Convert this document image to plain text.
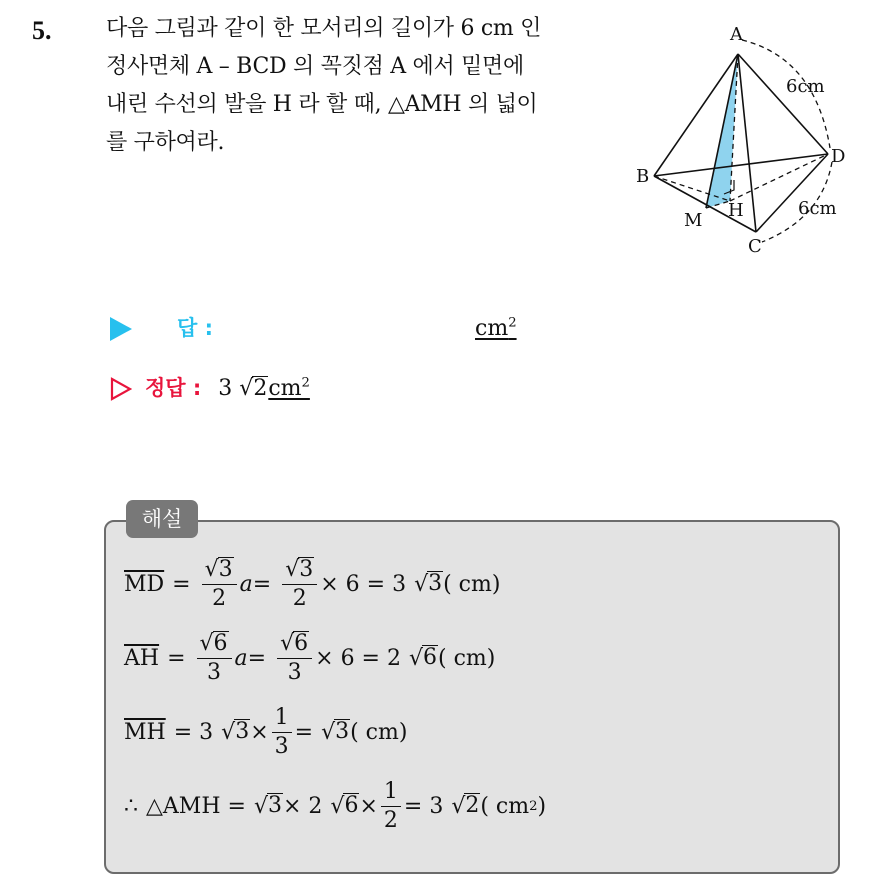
5. 다음 그림과 같이 한 모서리의 길이가 6 cm 인
정사면체 A – BCD 의 꼭짓점 A 에서 밑면에
내린 수선의 발을 H 라 할 때, △AMH 의 넓이
를 구하여라.
A
B
D
C
M H
6cm
6cm
답 :	$cm^2$
정답 : 3 $√2cm^2$
해설
$\overline{MD} = \frac{√3}{2} a= \frac{√3}{2} \times 6 = 3$ √ 3 ( cm)
$\overline{AH} = \frac{√6}{3} a= \frac{√6}{3} \times 6 = 2$ √ 6 ( cm)
$\overline{MH} = 3$ √ $3 \times \frac{1}{3}$ = √ 3 ( cm)
∴ △AMH = √ 3 × 2 √ $6 \times \frac{1}{2} = 3$ √ 2 ( cm 2 )
